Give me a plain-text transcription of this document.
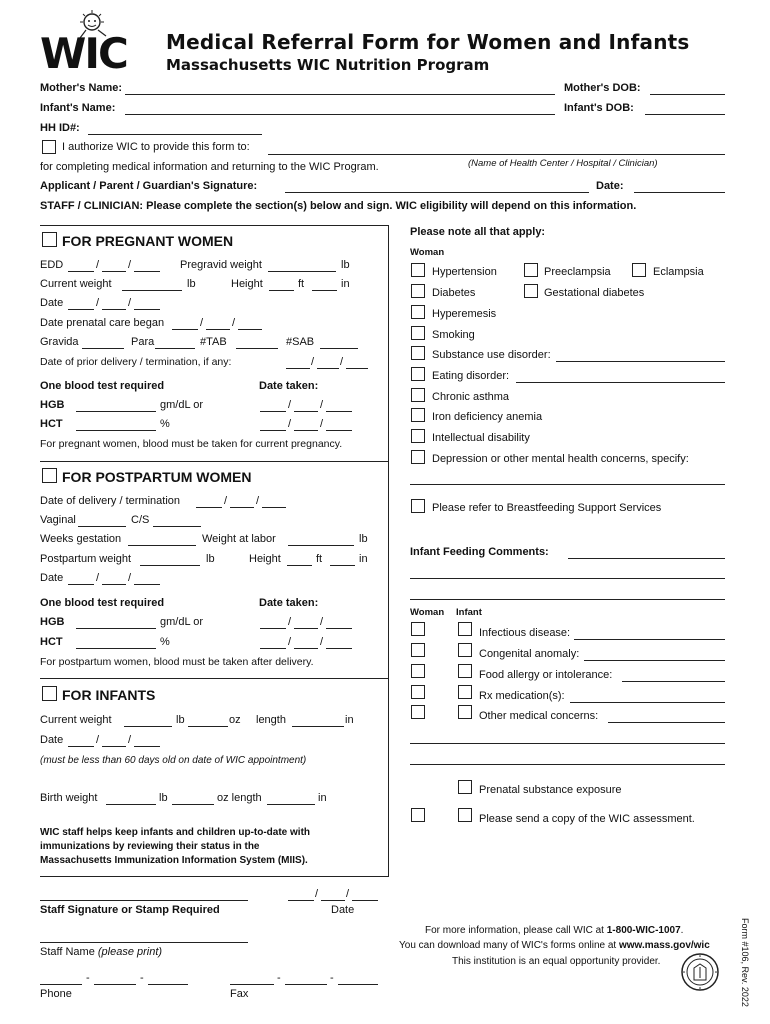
WIC Medical Referral Form for Women and Infants
Massachusetts WIC Nutrition Program
Mother's Name:	Mother's DOB:
Infant's Name:	Infant's DOB:
HH ID#:
I authorize WIC to provide this form to:
(Name of Health Center / Hospital / Clinician)
for completing medical information and returning to the WIC Program.
Applicant / Parent / Guardian's Signature:	Date:
STAFF / CLINICIAN: Please complete the section(s) below and sign. WIC eligibility will depend on this information.
FOR PREGNANT WOMEN
EDD	/	/	Pregravid weight	lb
Current weight	lb	Height	ft	in
Date	/	/
Date prenatal care began	/	/
Gravida	Para	#TAB	#SAB
Date of prior delivery / termination, if any:	/ /
One blood test required	Date taken:
HGB	gm/dL or	/	/
HCT	%	/	/
For pregnant women, blood must be taken for current pregnancy.
FOR POSTPARTUM WOMEN
Date of delivery / termination	/	/
Vaginal	C/S
Weeks gestation	Weight at labor	lb
Postpartum weight	lb	Height	ft	in
Date	/	/
One blood test required	Date taken:
HGB	gm/dL or	/	/
HCT	%	/	/
For postpartum women, blood must be taken after delivery.
FOR INFANTS
Current weight	lb	oz length	in
Date	/	/
(must be less than 60 days old on date of WIC appointment)
Birth weight	lb	oz length	in
WIC staff helps keep infants and children up-to-date with
immunizations by reviewing their status in the
Massachusetts Immunization Information System (MIIS).
/	/
Staff Signature or Stamp Required	Date
Staff Name (please print)
-	-
Phone
-	-
Fax
Please note all that apply:
Woman
Hypertension	Preeclampsia	Eclampsia
Diabetes	Gestational diabetes
Hyperemesis
Smoking
Substance use disorder:
Eating disorder:
Chronic asthma
Iron deficiency anemia
Intellectual disability
Depression or other mental health concerns, specify:
Please refer to Breastfeeding Support Services
Infant Feeding Comments:
Woman Infant
Infectious disease:
Congenital anomaly:
Food allergy or intolerance:
Rx medication(s):
Other medical concerns:
Prenatal substance exposure
Please send a copy of the WIC assessment.
For more information, please call WIC at 1-800-WIC-1007.
You can download many of WIC's forms online at www.mass.gov/wic
This institution is an equal opportunity provider.	Form #106, Rev. 2022
